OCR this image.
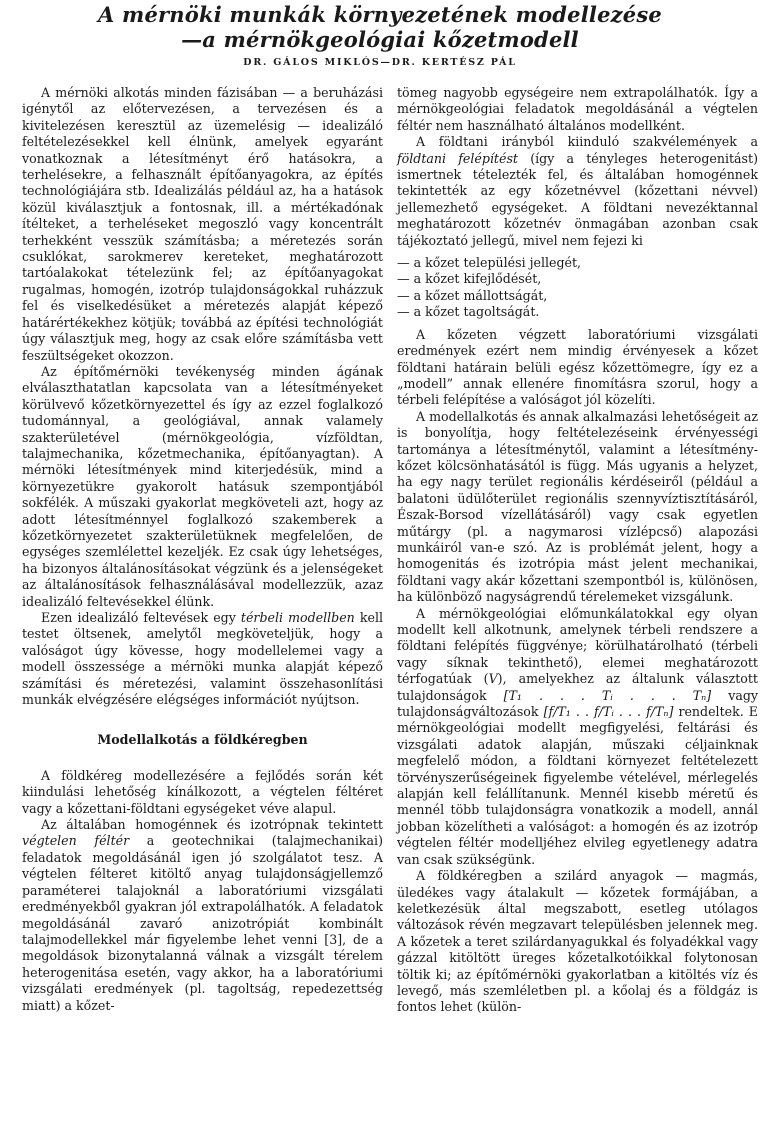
A mérnöki munkák környezetének modellezése
—a mérnökgeológiai kőzetmodell
DR. GÁLOS MIKLÓS—DR. KERTÉSZ PÁL

A mérnöki alkotás minden fázisában — a beruházási igénytől az előtervezésen, a tervezésen és a kivitelezésen keresztül az üzemelésig — idealizáló feltételezésekkel kell élnünk, amelyek egyaránt vonatkoznak a létesítményt érő hatásokra, a terhelésekre, a felhasznált építőanyagokra, az építés technológiájára stb. Idealizálás például az, ha a hatások közül kiválasztjuk a fontosnak, ill. a mértékadónak ítélteket, a terheléseket megoszló vagy koncentrált terhekként vesszük számításba; a méretezés során csuklókat, sarokmerev kereteket, meghatározott tartóalakokat tételezünk fel; az építőanyagokat rugalmas, homogén, izotróp tulajdonságokkal ruházzuk fel és viselkedésüket a méretezés alapját képező határértékekhez kötjük; továbbá az építési technológiát úgy választjuk meg, hogy az csak előre számításba vett feszültségeket okozzon.

Az építőmérnöki tevékenység minden ágának elválaszthatatlan kapcsolata van a létesítményeket körülvevő kőzetkörnyezettel és így az ezzel foglalkozó tudománnyal, a geológiával, annak valamely szakterületével (mérnökgeológia, vízföldtan, talajmechanika, kőzetmechanika, építőanyagtan). A mérnöki létesítmények mind kiterjedésük, mind a környezetükre gyakorolt hatásuk szempontjából sokfélék. A műszaki gyakorlat megköveteli azt, hogy az adott létesítménnyel foglalkozó szakemberek a kőzetkörnyezetet szakterületüknek megfelelően, de egységes szemlélettel kezeljék. Ez csak úgy lehetséges, ha bizonyos általánosításokat végzünk és a jelenségeket az általánosítások felhasználásával modellezzük, azaz idealizáló feltevésekkel élünk.

Ezen idealizáló feltevések egy térbeli modellben kell testet öltsenek, amelytől megköveteljük, hogy a valóságot úgy kövesse, hogy modellelemei vagy a modell összessége a mérnöki munka alapját képező számítási és méretezési, valamint összehasonlítási munkák elvégzésére elégséges információt nyújtson.

Modellalkotás a földkéregben

A földkéreg modellezésére a fejlődés során két kiindulási lehetőség kínálkozott, a végtelen féltéret vagy a kőzettani-földtani egységeket véve alapul.

Az általában homogénnek és izotrópnak tekintett végtelen féltér a geotechnikai (talajmechanikai) feladatok megoldásánál igen jó szolgálatot tesz. A végtelen félteret kitöltő anyag tulajdonságjellemző paraméterei talajoknál a laboratóriumi vizsgálati eredményekből gyakran jól extrapolálhatók. A feladatok megoldásánál zavaró anizotrópiát kombinált talajmodellekkel már figyelembe lehet venni [3], de a megoldások bizonytalanná válnak a vizsgált térelem heterogenitása esetén, vagy akkor, ha a laboratóriumi vizsgálati eredmények (pl. tagoltság, repedezettség miatt) a kőzet-

tömeg nagyobb egységeire nem extrapolálhatók. Így a mérnökgeológiai feladatok megoldásánál a végtelen féltér nem használható általános modellként.

A földtani irányból kiinduló szakvélemények a földtani felépítést (így a tényleges heterogenitást) ismertnek tételezték fel, és általában homogénnek tekintették az egy kőzetnévvel (kőzettani névvel) jellemezhető egységeket. A földtani nevezéktannal meghatározott kőzetnév önmagában azonban csak tájékoztató jellegű, mivel nem fejezi ki

— a kőzet települési jellegét,
— a kőzet kifejlődését,
— a kőzet mállottságát,
— a kőzet tagoltságát.

A kőzeten végzett laboratóriumi vizsgálati eredmények ezért nem mindig érvényesek a kőzet földtani határain belüli egész kőzettömegre, így ez a „modell” annak ellenére finomításra szorul, hogy a térbeli felépítése a valóságot jól közelíti.

A modellalkotás és annak alkalmazási lehetőségeit az is bonyolítja, hogy feltételezéseink érvényességi tartománya a létesítménytől, valamint a létesítmény-kőzet kölcsönhatásától is függ. Más ugyanis a helyzet, ha egy nagy terület regionális kérdéseiről (például a balatoni üdülőterület regionális szennyvíztisztításáról, Észak-Borsod vízellátásáról) vagy csak egyetlen műtárgy (pl. a nagymarosi vízlépcső) alapozási munkáiról van-e szó. Az is problémát jelent, hogy a homogenitás és izotrópia mást jelent mechanikai, földtani vagy akár kőzettani szempontból is, különösen, ha különböző nagyságrendű térelemeket vizsgálunk.

A mérnökgeológiai előmunkálatokkal egy olyan modellt kell alkotnunk, amelynek térbeli rendszere a földtani felépítés függvénye; körülhatárolható (térbeli vagy síknak tekinthető), elemei meghatározott térfogatúak (V), amelyekhez az általunk választott tulajdonságok [T₁ . . . Tᵢ . . . Tₙ] vagy tulajdonságváltozások [f/T₁ . . f/Tᵢ . . . f/Tₙ] rendeltek. E mérnökgeológiai modellt megfigyelési, feltárási és vizsgálati adatok alapján, műszaki céljainknak megfelelő módon, a földtani környezet feltételezett törvényszerűségeinek figyelembe vételével, mérlegelés alapján kell felállítanunk. Mennél kisebb méretű és mennél több tulajdonságra vonatkozik a modell, annál jobban közelítheti a valóságot: a homogén és az izotróp végtelen féltér modelljéhez elvileg egyetlenegy adatra van csak szükségünk.

A földkéregben a szilárd anyagok — magmás, üledékes vagy átalakult — kőzetek formájában, a keletkezésük által megszabott, esetleg utólagos változások révén megzavart településben jelennek meg. A kőzetek a teret szilárdanyagukkal és folyadékkal vagy gázzal kitöltött üreges kőzetalkotóikkal folytonosan töltik ki; az építőmérnöki gyakorlatban a kitöltés víz és levegő, más szemléletben pl. a kőolaj és a földgáz is fontos lehet (külön-
